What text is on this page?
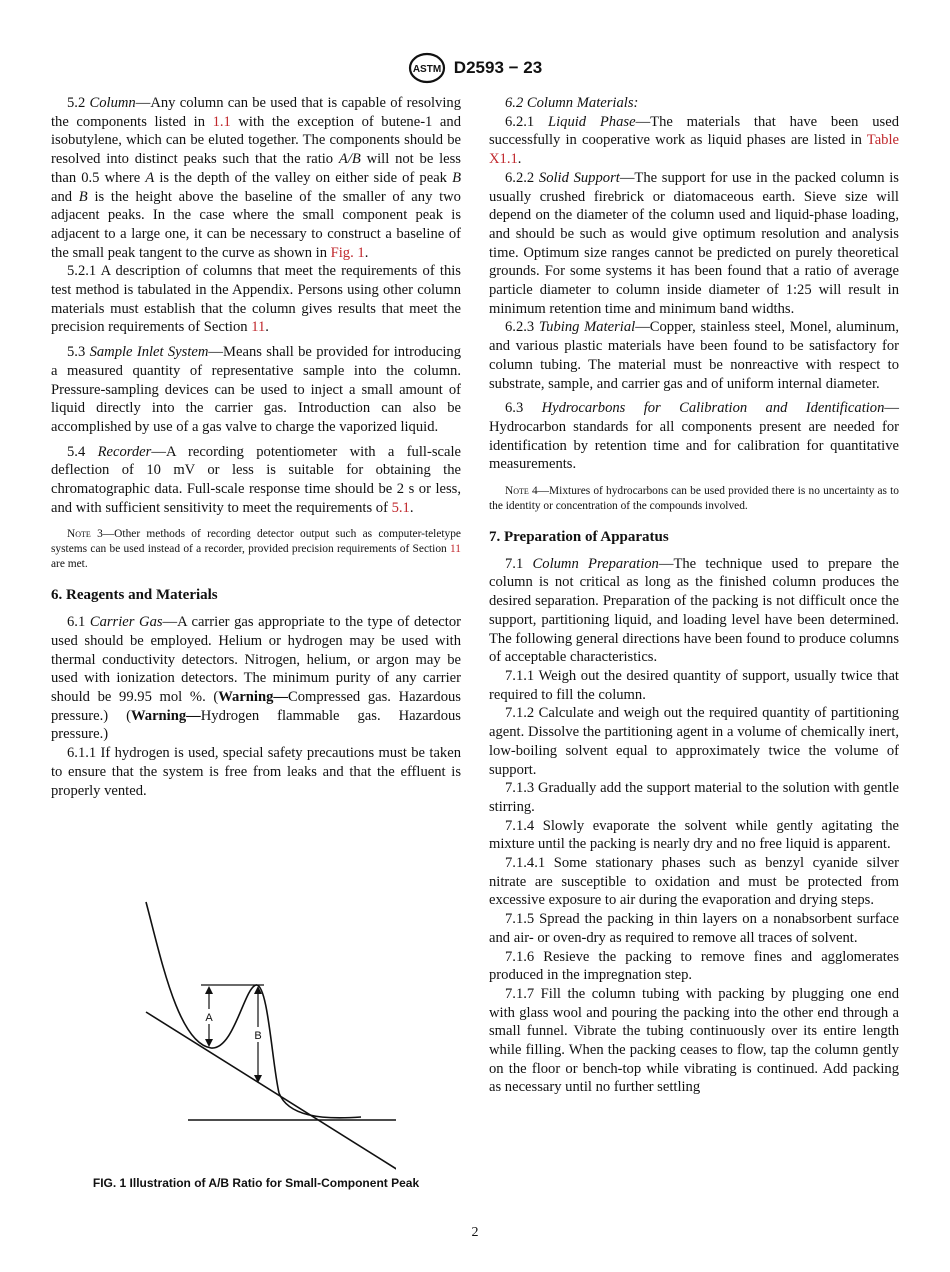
ASTM D2593 − 23

5.2 Column—Any column can be used that is capable of resolving the components listed in 1.1 with the exception of butene-1 and isobutylene, which can be eluted together. The components should be resolved into distinct peaks such that the ratio A/B will not be less than 0.5 where A is the depth of the valley on either side of peak B and B is the height above the baseline of the smaller of any two adjacent peaks. In the case where the small component peak is adjacent to a large one, it can be necessary to construct a baseline of the small peak tangent to the curve as shown in Fig. 1.

5.2.1 A description of columns that meet the requirements of this test method is tabulated in the Appendix. Persons using other column materials must establish that the column gives results that meet the precision requirements of Section 11.

5.3 Sample Inlet System—Means shall be provided for introducing a measured quantity of representative sample into the column. Pressure-sampling devices can be used to inject a small amount of liquid directly into the carrier gas. Introduction can also be accomplished by use of a gas valve to charge the vaporized liquid.

5.4 Recorder—A recording potentiometer with a full-scale deflection of 10 mV or less is suitable for obtaining the chromatographic data. Full-scale response time should be 2 s or less, and with sufficient sensitivity to meet the requirements of 5.1.

Note 3—Other methods of recording detector output such as computer-teletype systems can be used instead of a recorder, provided precision requirements of Section 11 are met.
6. Reagents and Materials

6.1 Carrier Gas—A carrier gas appropriate to the type of detector used should be employed. Helium or hydrogen may be used with thermal conductivity detectors. Nitrogen, helium, or argon may be used with ionization detectors. The minimum purity of any carrier should be 99.95 mol %. (Warning—Compressed gas. Hazardous pressure.) (Warning—Hydrogen flammable gas. Hazardous pressure.)

6.1.1 If hydrogen is used, special safety precautions must be taken to ensure that the system is free from leaks and that the effluent is properly vented.

A
B
FIG. 1 Illustration of A/B Ratio for Small-Component Peak

6.2 Column Materials:

6.2.1 Liquid Phase—The materials that have been used successfully in cooperative work as liquid phases are listed in Table X1.1.

6.2.2 Solid Support—The support for use in the packed column is usually crushed firebrick or diatomaceous earth. Sieve size will depend on the diameter of the column used and liquid-phase loading, and should be such as would give optimum resolution and analysis time. Optimum size ranges cannot be predicted on purely theoretical grounds. For some systems it has been found that a ratio of average particle diameter to column inside diameter of 1:25 will result in minimum retention time and minimum band widths.

6.2.3 Tubing Material—Copper, stainless steel, Monel, aluminum, and various plastic materials have been found to be satisfactory for column tubing. The material must be nonreactive with respect to substrate, sample, and carrier gas and of uniform internal diameter.

6.3 Hydrocarbons for Calibration and Identification—Hydrocarbon standards for all components present are needed for identification by retention time and for calibration for quantitative measurements.

Note 4—Mixtures of hydrocarbons can be used provided there is no uncertainty as to the identity or concentration of the compounds involved.
7. Preparation of Apparatus

7.1 Column Preparation—The technique used to prepare the column is not critical as long as the finished column produces the desired separation. Preparation of the packing is not difficult once the support, partitioning liquid, and loading level have been determined. The following general directions have been found to produce columns of acceptable characteristics.

7.1.1 Weigh out the desired quantity of support, usually twice that required to fill the column.

7.1.2 Calculate and weigh out the required quantity of partitioning agent. Dissolve the partitioning agent in a volume of chemically inert, low-boiling solvent equal to approximately twice the volume of support.

7.1.3 Gradually add the support material to the solution with gentle stirring.

7.1.4 Slowly evaporate the solvent while gently agitating the mixture until the packing is nearly dry and no free liquid is apparent.

7.1.4.1 Some stationary phases such as benzyl cyanide silver nitrate are susceptible to oxidation and must be protected from excessive exposure to air during the evaporation and drying steps.

7.1.5 Spread the packing in thin layers on a nonabsorbent surface and air- or oven-dry as required to remove all traces of solvent.

7.1.6 Resieve the packing to remove fines and agglomerates produced in the impregnation step.

7.1.7 Fill the column tubing with packing by plugging one end with glass wool and pouring the packing into the other end through a small funnel. Vibrate the tubing continuously over its entire length while filling. When the packing ceases to flow, tap the column gently on the floor or bench-top while vibrating is continued. Add packing as necessary until no further settling

2
